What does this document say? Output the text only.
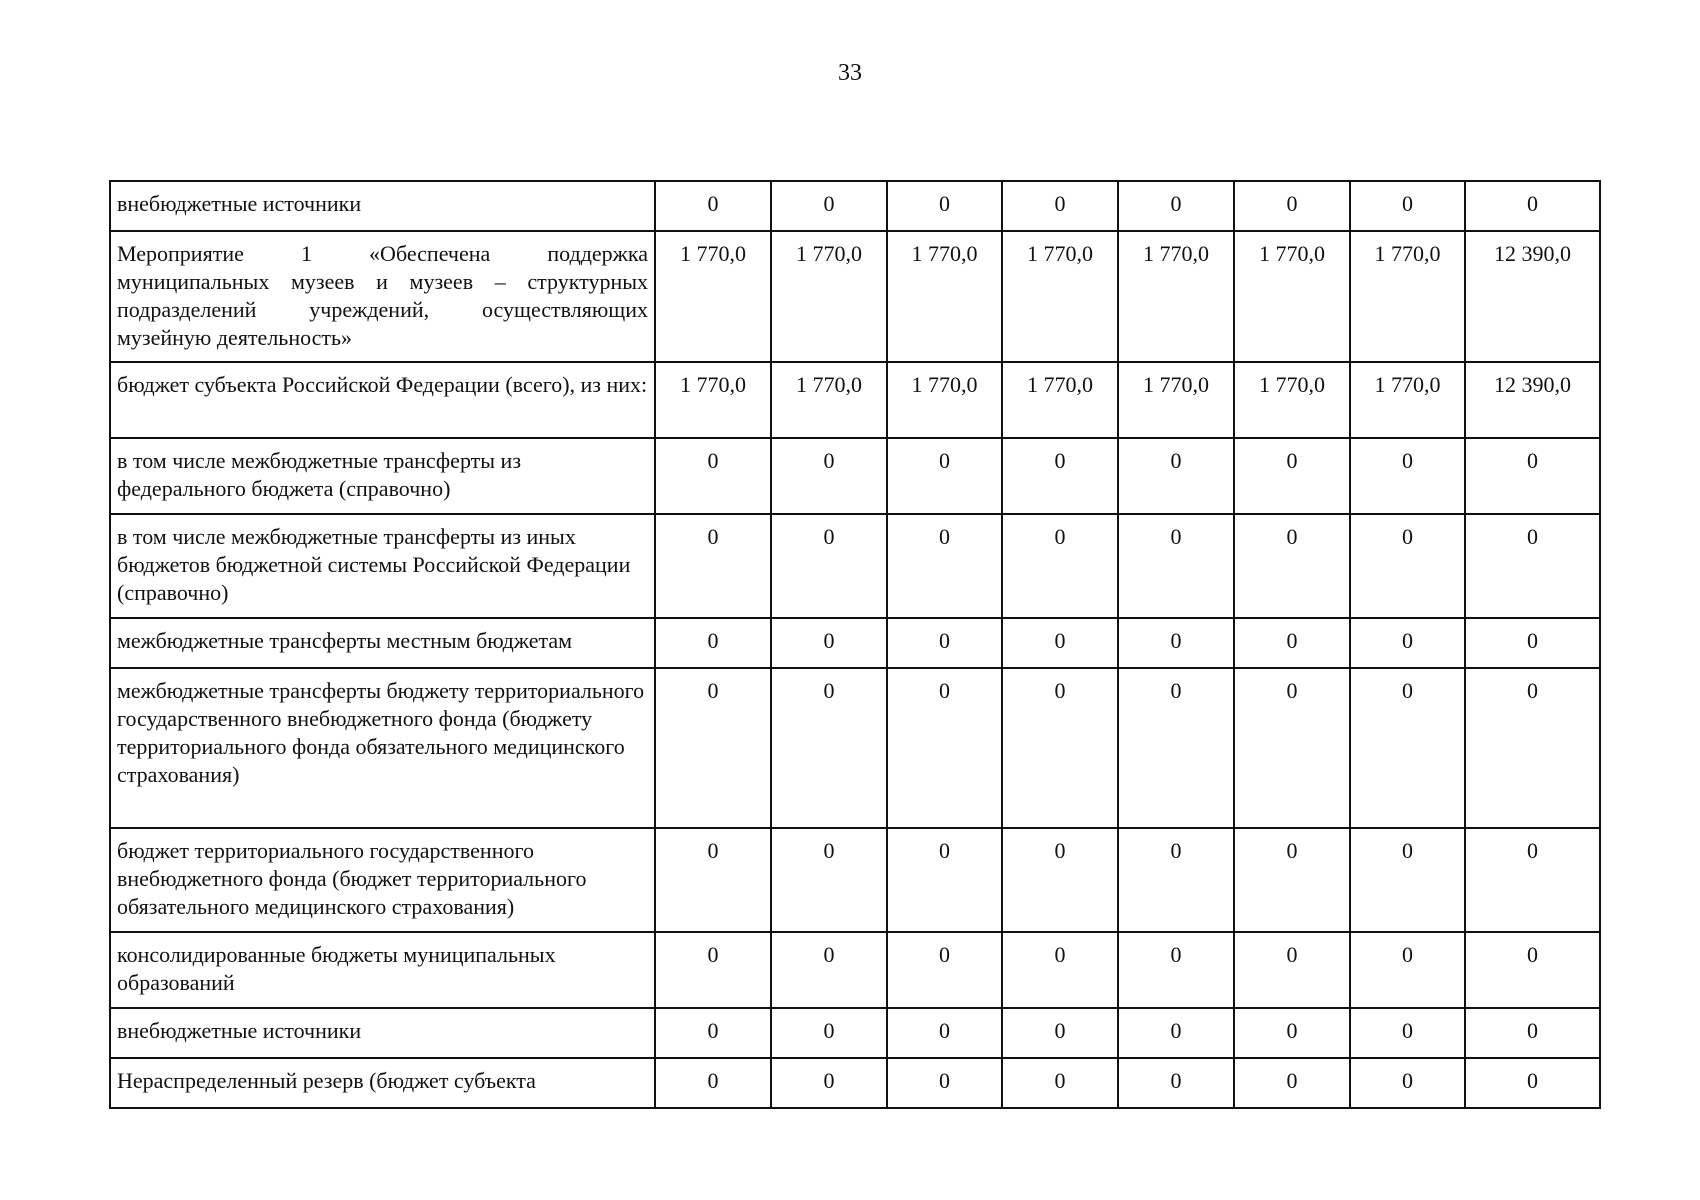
33
внебюджетные источники	0	0	0	0	0	0	0	0
Мероприятие 1 «Обеспечена поддержка муниципальных музеев и музеев – структурных подразделений учреждений, осуществляющих музейную деятельность»	1 770,0	1 770,0	1 770,0	1 770,0	1 770,0	1 770,0	1 770,0	12 390,0
бюджет субъекта Российской Федерации (всего), из них:	1 770,0	1 770,0	1 770,0	1 770,0	1 770,0	1 770,0	1 770,0	12 390,0
в том числе межбюджетные трансферты из федерального бюджета (справочно)	0	0	0	0	0	0	0	0
в том числе межбюджетные трансферты из иных бюджетов бюджетной системы Российской Федерации (справочно)	0	0	0	0	0	0	0	0
межбюджетные трансферты местным бюджетам	0	0	0	0	0	0	0	0
межбюджетные трансферты бюджету территориального государственного внебюджетного фонда (бюджету территориального фонда обязательного медицинского страхования)	0	0	0	0	0	0	0	0
бюджет территориального государственного внебюджетного фонда (бюджет территориального обязательного медицинского страхования)	0	0	0	0	0	0	0	0
консолидированные бюджеты муниципальных образований	0	0	0	0	0	0	0	0
внебюджетные источники	0	0	0	0	0	0	0	0
Нераспределенный резерв (бюджет субъекта	0	0	0	0	0	0	0	0
